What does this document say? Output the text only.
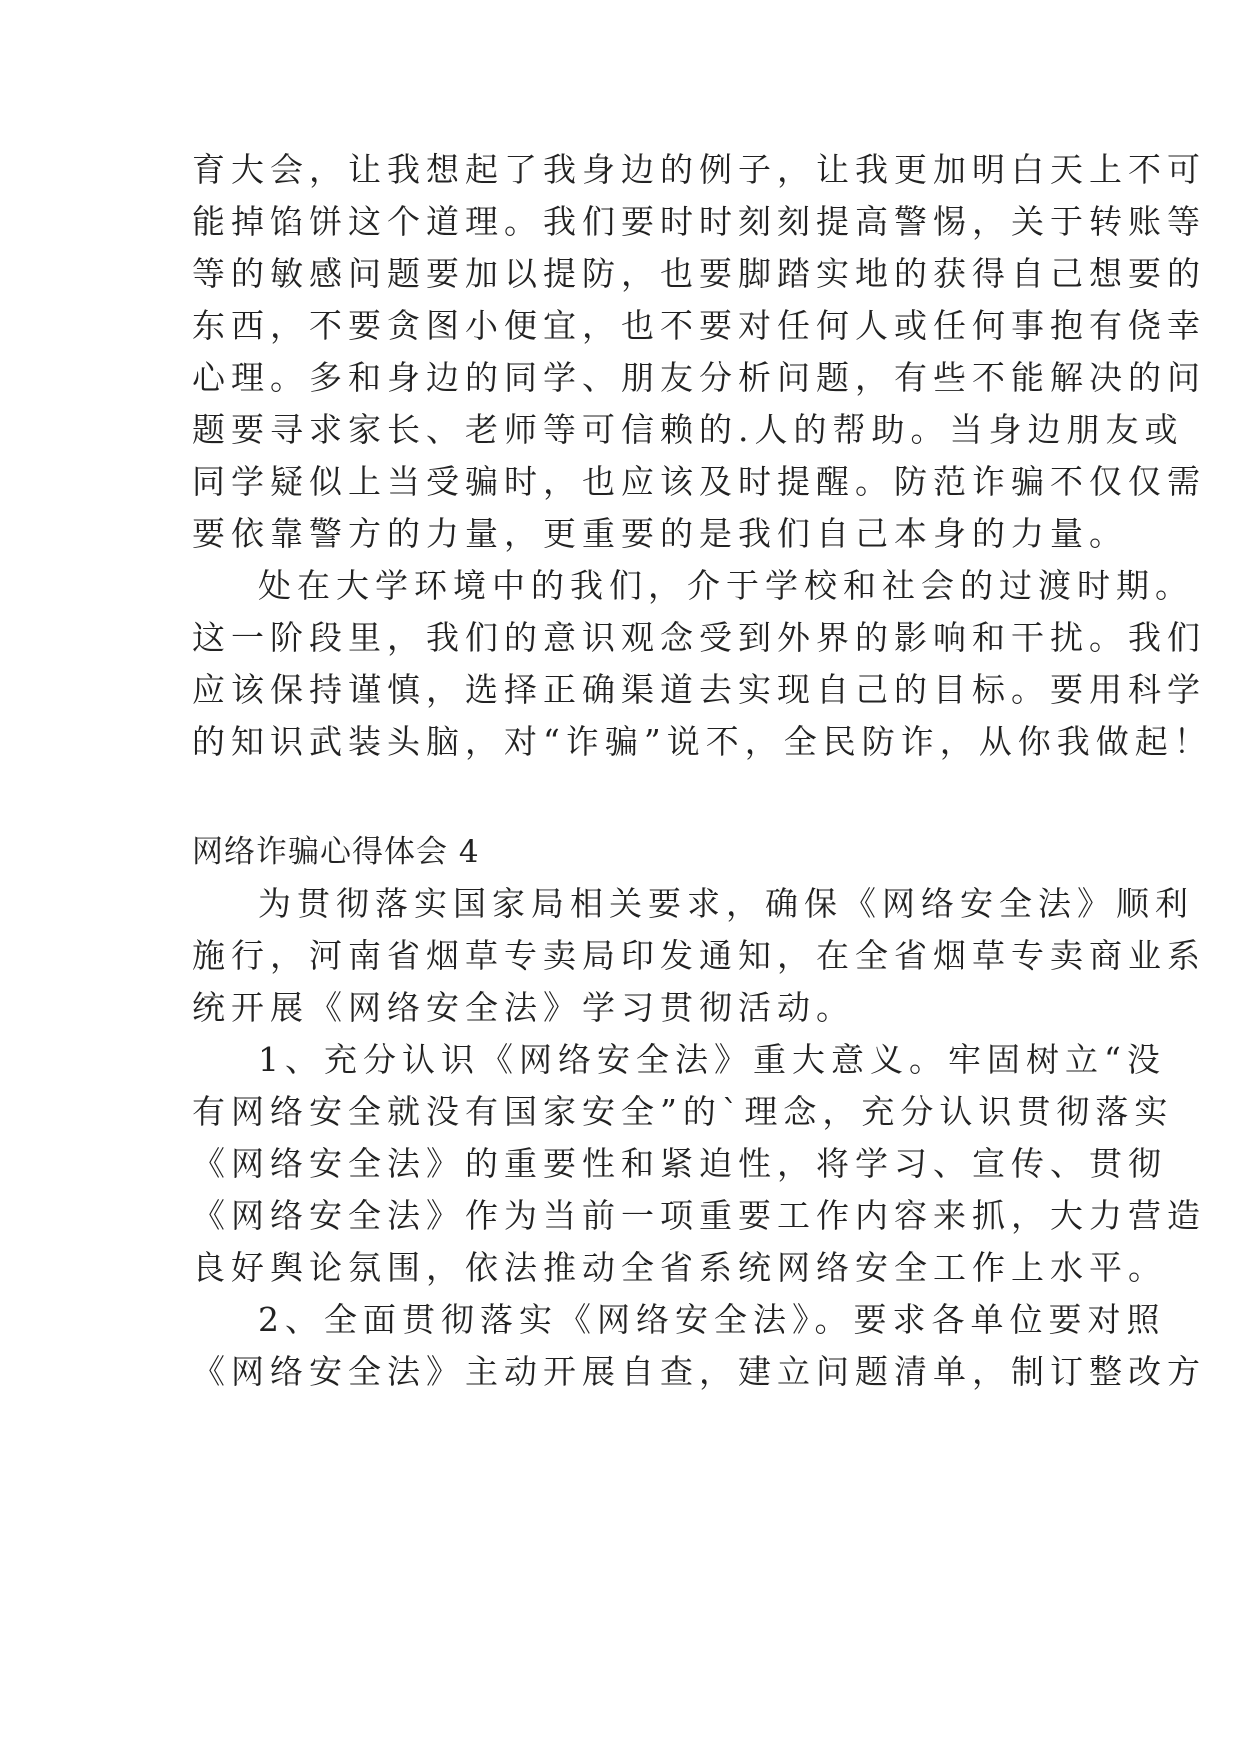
育大会，让我想起了我身边的例子，让我更加明白天上不可
能掉馅饼这个道理。我们要时时刻刻提高警惕，关于转账等
等的敏感问题要加以提防，也要脚踏实地的获得自己想要的
东西，不要贪图小便宜，也不要对任何人或任何事抱有侥幸
心理。多和身边的同学、朋友分析问题，有些不能解决的问
题要寻求家长、老师等可信赖的.人的帮助。当身边朋友或
同学疑似上当受骗时，也应该及时提醒。防范诈骗不仅仅需
要依靠警方的力量，更重要的是我们自己本身的力量。
处在大学环境中的我们，介于学校和社会的过渡时期。
这一阶段里，我们的意识观念受到外界的影响和干扰。我们
应该保持谨慎，选择正确渠道去实现自己的目标。要用科学
的知识武装头脑，对“诈骗”说不，全民防诈，从你我做起！
网络诈骗心得体会 4
为贯彻落实国家局相关要求，确保《网络安全法》顺利
施行，河南省烟草专卖局印发通知，在全省烟草专卖商业系
统开展《网络安全法》学习贯彻活动。
1、充分认识《网络安全法》重大意义。牢固树立“没
有网络安全就没有国家安全”的`理念，充分认识贯彻落实
《网络安全法》的重要性和紧迫性，将学习、宣传、贯彻
《网络安全法》作为当前一项重要工作内容来抓，大力营造
良好舆论氛围，依法推动全省系统网络安全工作上水平。
2、全面贯彻落实《网络安全法》。要求各单位要对照
《网络安全法》主动开展自查，建立问题清单，制订整改方
